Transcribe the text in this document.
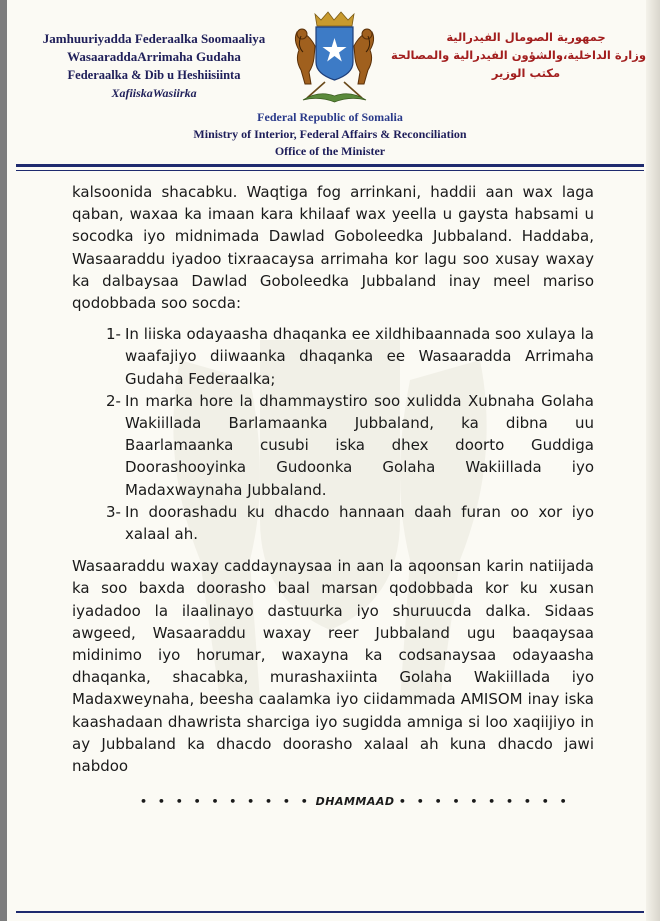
Jamhuuriyadda Federaalka Soomaaliya
WasaaraddaArrimaha Gudaha
Federaalka & Dib u Heshiisiinta
XafiiskaWasiirka
جمهورية الصومال الفيدرالية
وزارة الداخلية،والشؤون الفيدرالية والمصالحة
مكتب الوزير
Federal Republic of Somalia
Ministry of Interior, Federal Affairs & Reconciliation
Office of the Minister

kalsoonida shacabku. Waqtiga fog arrinkani, haddii aan wax laga qaban, waxaa ka imaan kara khilaaf wax yeella u gaysta habsami u socodka iyo midnimada Dawlad Goboleedka Jubbaland. Haddaba, Wasaaraddu iyadoo tixraacaysa arrimaha kor lagu soo xusay waxay ka dalbaysaa Dawlad Goboleedka Jubbaland inay meel mariso qodobbada soo socda:

1- In liiska odayaasha dhaqanka ee xildhibaannada soo xulaya la waafajiyo diiwaanka dhaqanka ee Wasaaradda Arrimaha Gudaha Federaalka;
2- In marka hore la dhammaystiro soo xulidda Xubnaha Golaha Wakiillada Barlamaanka Jubbaland, ka dibna uu Baarlamaanka cusubi iska dhex doorto Guddiga Doorashooyinka Gudoonka Golaha Wakiillada iyo Madaxwaynaha Jubbaland.
3- In doorashadu ku dhacdo hannaan daah furan oo xor iyo xalaal ah.

Wasaaraddu waxay caddaynaysaa in aan la aqoonsan karin natiijada ka soo baxda doorasho baal marsan qodobbada kor ku xusan iyadadoo la ilaalinayo dastuurka iyo shuruucda dalka. Sidaas awgeed, Wasaaraddu waxay reer Jubbaland ugu baaqaysaa midinimo iyo horumar, waxayna ka codsanaysaa odayaasha dhaqanka, shacabka, murashaxiinta Golaha Wakiillada iyo Madaxweynaha, beesha caalamka iyo ciidammada AMISOM inay iska kaashadaan dhawrista sharciga iyo sugidda amniga si loo xaqiijiyo in ay Jubbaland ka dhacdo doorasho xalaal ah kuna dhacdo jawi nabdoo

• • • • • • • • • • DHAMMAAD • • • • • • • • • •
